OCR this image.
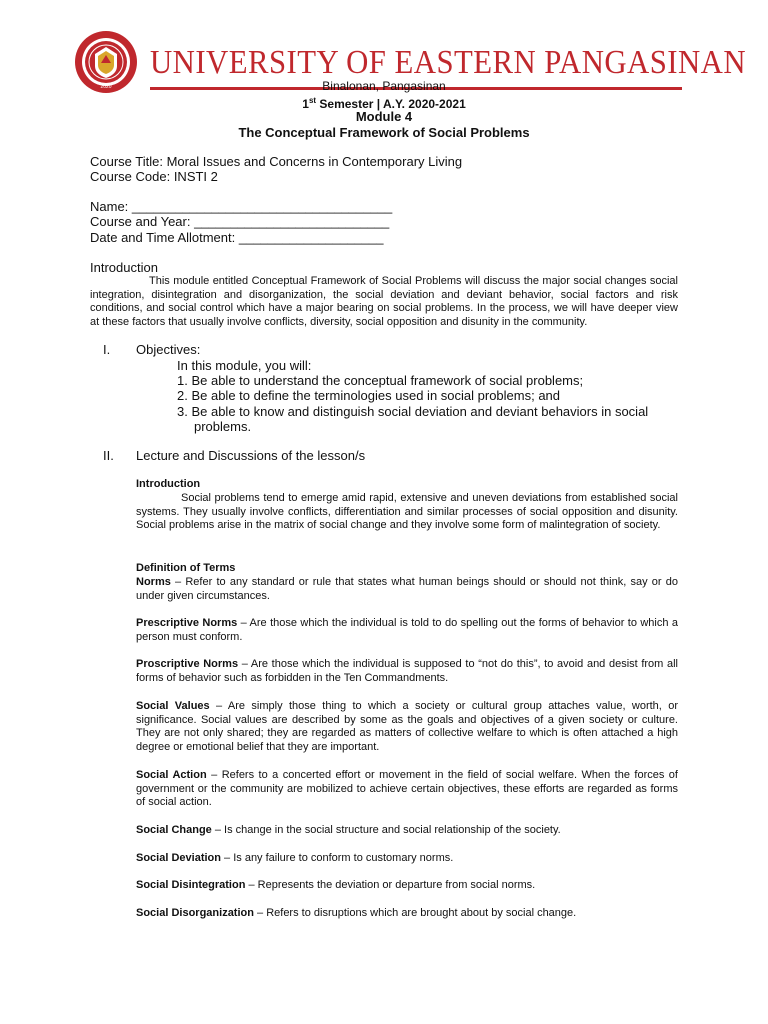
2020
UNIVERSITY OF EASTERN PANGASINAN
Binalonan, Pangasinan
1st Semester | A.Y. 2020-2021
Module 4
The Conceptual Framework of Social Problems
Course Title: Moral Issues and Concerns in Contemporary Living
Course Code: INSTI 2
Name: ____________________________________
Course and Year: ___________________________
Date and Time Allotment: ____________________
Introduction
This module entitled Conceptual Framework of Social Problems will discuss the major social changes social integration, disintegration and disorganization, the social deviation and deviant behavior, social factors and risk conditions, and social control which have a major bearing on social problems. In the process, we will have deeper view at these factors that usually involve conflicts, diversity, social opposition and disunity in the community.
I. Objectives:
In this module, you will:
1. Be able to understand the conceptual framework of social problems;
2. Be able to define the terminologies used in social problems; and
3. Be able to know and distinguish social deviation and deviant behaviors in social
problems.
II. Lecture and Discussions of the lesson/s
Introduction
Social problems tend to emerge amid rapid, extensive and uneven deviations from established social systems. They usually involve conflicts, differentiation and similar processes of social opposition and disunity. Social problems arise in the matrix of social change and they involve some form of malintegration of society.
Definition of Terms
Norms – Refer to any standard or rule that states what human beings should or should not think, say or do under given circumstances.
Prescriptive Norms – Are those which the individual is told to do spelling out the forms of behavior to which a person must conform.
Proscriptive Norms – Are those which the individual is supposed to “not do this”, to avoid and desist from all forms of behavior such as forbidden in the Ten Commandments.
Social Values – Are simply those thing to which a society or cultural group attaches value, worth, or significance. Social values are described by some as the goals and objectives of a given society or culture. They are not only shared; they are regarded as matters of collective welfare to which is often attached a high degree or emotional belief that they are important.
Social Action – Refers to a concerted effort or movement in the field of social welfare. When the forces of government or the community are mobilized to achieve certain objectives, these efforts are regarded as forms of social action.
Social Change – Is change in the social structure and social relationship of the society.
Social Deviation – Is any failure to conform to customary norms.
Social Disintegration – Represents the deviation or departure from social norms.
Social Disorganization – Refers to disruptions which are brought about by social change.
